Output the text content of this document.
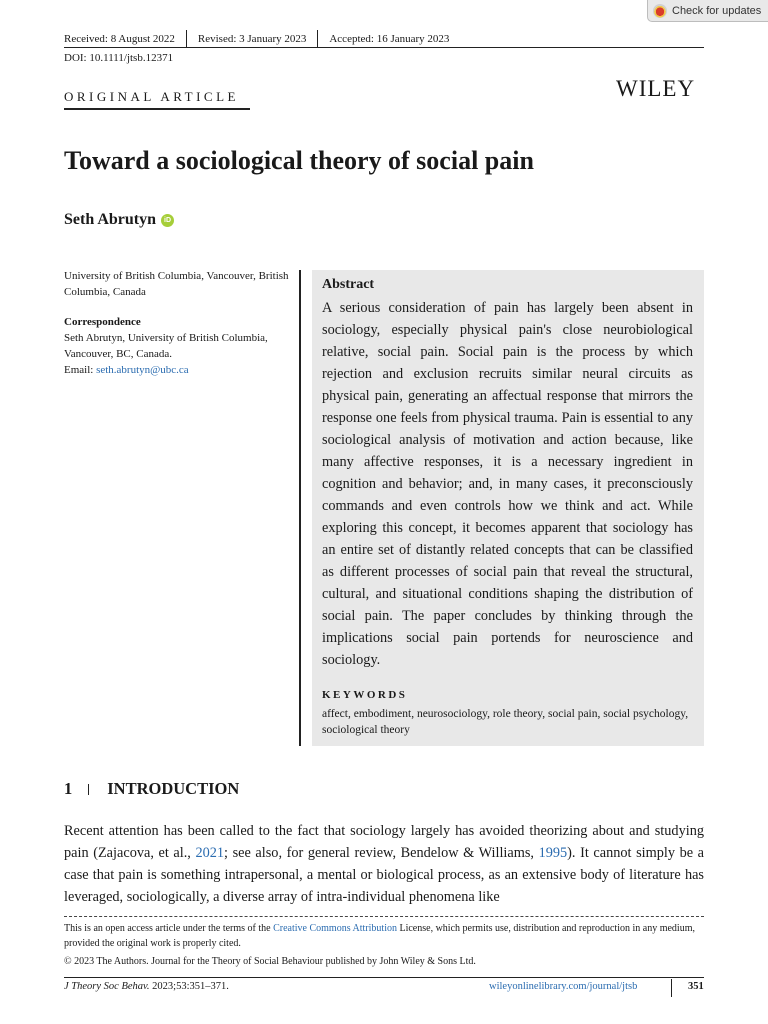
Check for updates
Received: 8 August 2022 Revised: 3 January 2023 Accepted: 16 January 2023
DOI: 10.1111/jtsb.12371
ORIGINAL ARTICLE	WILEY
Toward a sociological theory of social pain
Seth Abrutyn	iD

University of British Columbia, Vancouver, British Columbia, Canada

Correspondence
Seth Abrutyn, University of British Columbia, Vancouver, BC, Canada.
Email: seth.abrutyn@ubc.ca
Abstract
A serious consideration of pain has largely been absent in sociology, especially physical pain's close neurobiological relative, social pain. Social pain is the process by which rejection and exclusion recruits similar neural circuits as physical pain, generating an affectual response that mirrors the response one feels from physical trauma. Pain is essential to any sociological analysis of motivation and action because, like many affective responses, it is a necessary ingredient in cognition and behavior; and, in many cases, it preconsciously commands and even controls how we think and act. While exploring this concept, it becomes apparent that sociology has an entire set of distantly related concepts that can be classified as different processes of social pain that reveal the structural, cultural, and situational conditions shaping the distribution of social pain. The paper concludes by thinking through the implications social pain portends for neuroscience and sociology.
KEYWORDS
affect, embodiment, neurosociology, role theory, social pain, social psychology, sociological theory
1 INTRODUCTION
Recent attention has been called to the fact that sociology largely has avoided theorizing about and studying pain (Zajacova, et al., 2021; see also, for general review, Bendelow & Williams, 1995). It cannot simply be a case that pain is something intrapersonal, a mental or biological process, as an extensive body of literature has leveraged, sociologically, a diverse array of intra-individual phenomena like
This is an open access article under the terms of the Creative Commons Attribution License, which permits use, distribution and reproduction in any medium, provided the original work is properly cited.
© 2023 The Authors. Journal for the Theory of Social Behaviour published by John Wiley & Sons Ltd.
J Theory Soc Behav. 2023;53:351–371.	wileyonlinelibrary.com/journal/jtsb	351
